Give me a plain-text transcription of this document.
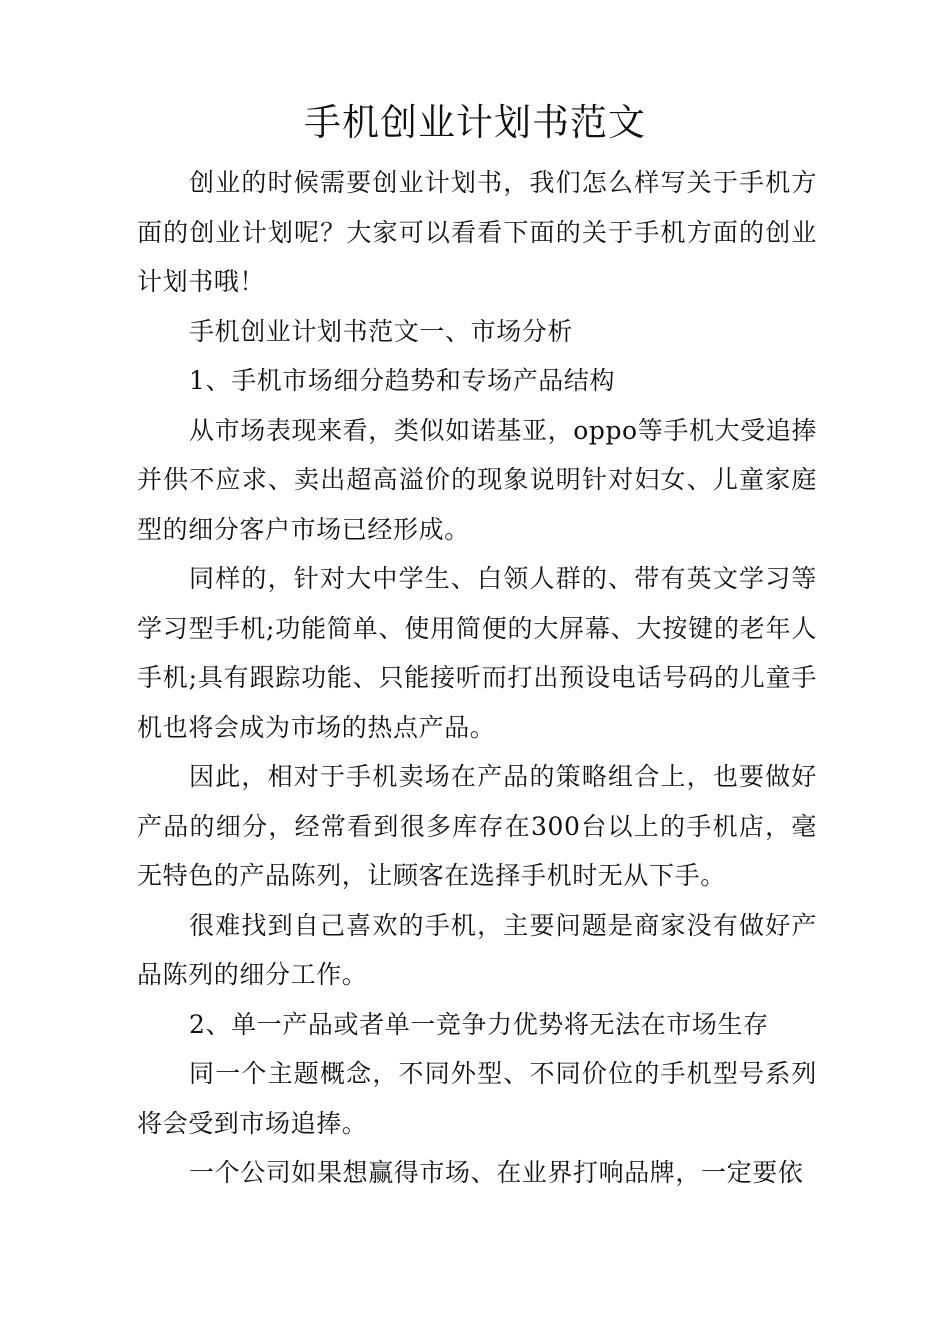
手机创业计划书范文

创业的时候需要创业计划书，我们怎么样写关于手机方面的创业计划呢？大家可以看看下面的关于手机方面的创业计划书哦！

手机创业计划书范文一、市场分析

1、手机市场细分趋势和专场产品结构

从市场表现来看，类似如诺基亚，oppo等手机大受追捧并供不应求、卖出超高溢价的现象说明针对妇女、儿童家庭型的细分客户市场已经形成。

同样的，针对大中学生、白领人群的、带有英文学习等学习型手机;功能简单、使用简便的大屏幕、大按键的老年人手机;具有跟踪功能、只能接听而打出预设电话号码的儿童手机也将会成为市场的热点产品。

因此，相对于手机卖场在产品的策略组合上，也要做好产品的细分，经常看到很多库存在300台以上的手机店，毫无特色的产品陈列，让顾客在选择手机时无从下手。

很难找到自己喜欢的手机，主要问题是商家没有做好产品陈列的细分工作。

2、单一产品或者单一竞争力优势将无法在市场生存

同一个主题概念，不同外型、不同价位的手机型号系列将会受到市场追捧。

一个公司如果想赢得市场、在业界打响品牌，一定要依
